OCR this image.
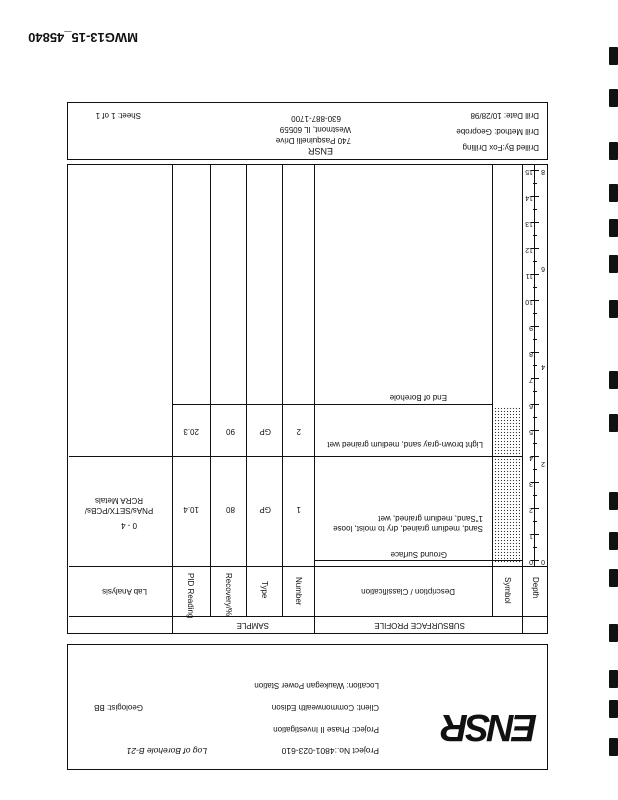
ENSR
Project No.:4801-023-610
Log of Borehole B-21
Project: Phase II Investigation
Client: Commonwealth Edison
Location: Waukegan Power Station
Geologist: BB
SUBSURFACE PROFILE
SAMPLE
Depth
Symbol
Description / Classification
Number
Type
Recovery/%
PID Reading
Lab Analysis
0
1
2
3
4
5
6
7
8
9
10
11
12
13
14
15
0
2
4
6
8
Ground Surface
Sand, medium grained, dry to moist, loose 1"Sand, medium grained, wet
1
GP
80
10.4
0 - 4
PNAs/SETX/PCBs/ RCRA Metals
Light brown-gray sand, medium grained wet
2
GP
90
20.3
End of Borehole
Drilled By:Fox Drilling
Drill Method: Geoprobe
Drill Date: 10/28/98
ENSR
740 Pasquinelli Drive
Westmont, IL 60559
630-887-1700
Sheet: 1 of 1
MWG13-15_45840
